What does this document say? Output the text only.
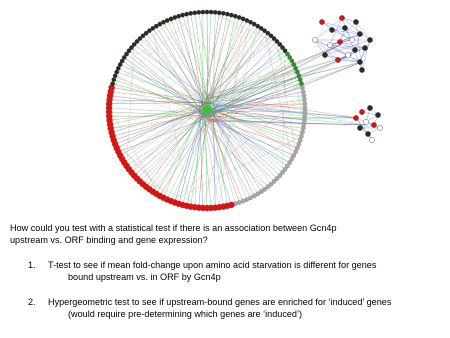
How could you test with a statistical test if there is an association between Gcn4p

upstream vs. ORF binding and gene expression?

1. T-test to see if mean fold-change upon amino acid starvation is different for genes
bound upstream vs. in ORF by Gcn4p
2. Hypergeometric test to see if upstream-bound genes are enriched for ‘induced’ genes
(would require pre-determining which genes are ‘induced’)
